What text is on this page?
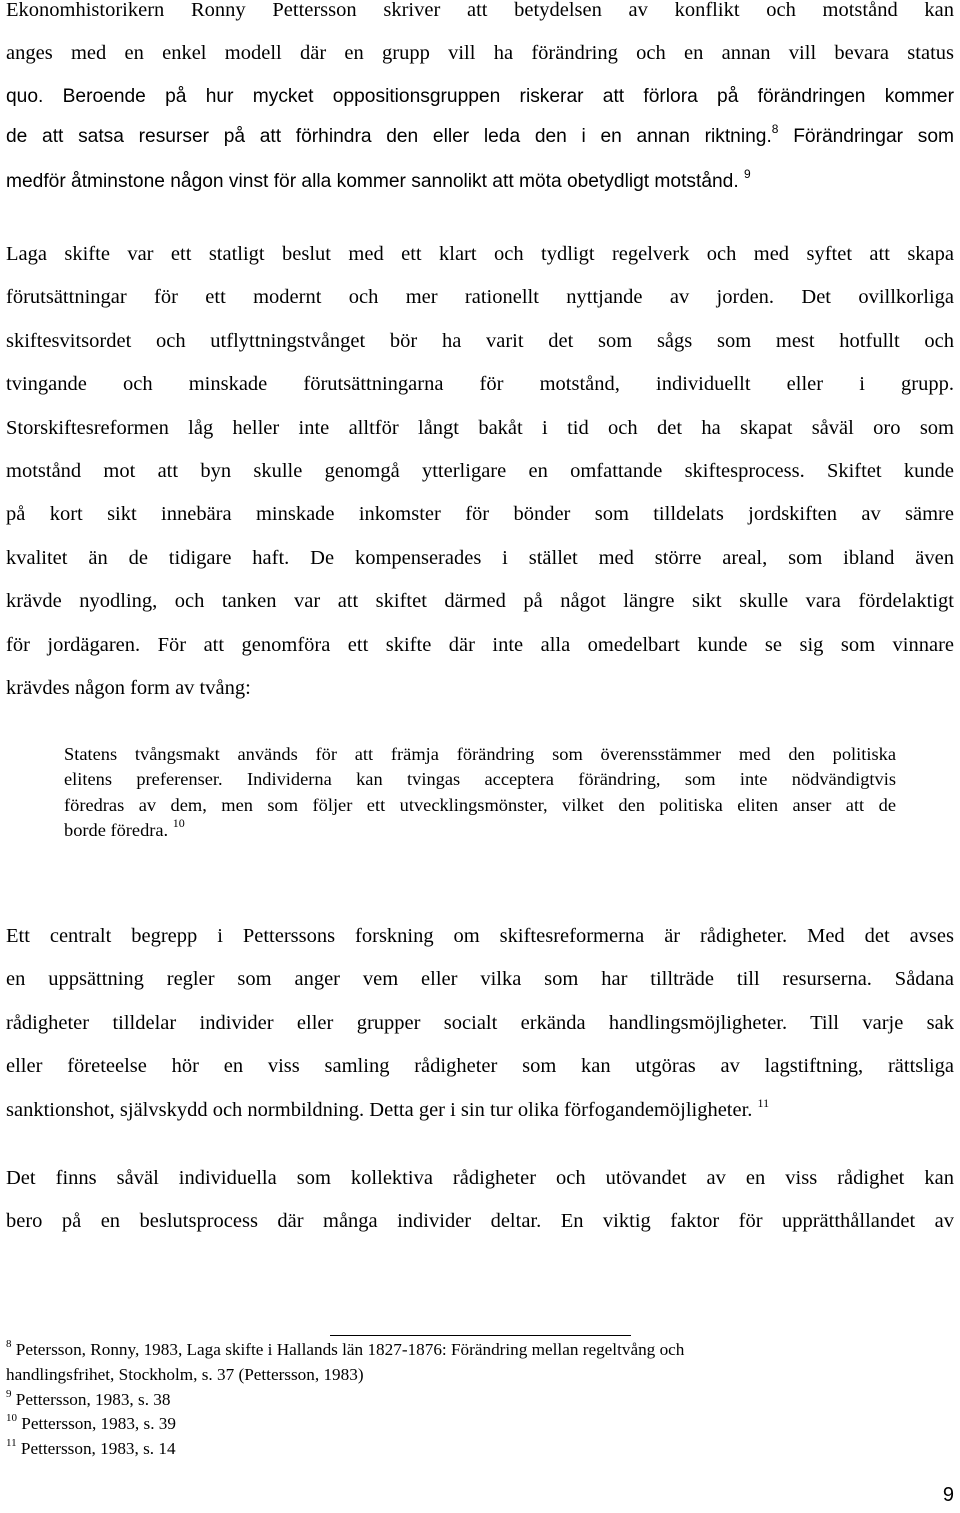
Ekonomhistorikern Ronny Pettersson skriver att betydelsen av konflikt och motstånd kan
anges med en enkel modell där en grupp vill ha förändring och en annan vill bevara status
quo. Beroende på hur mycket oppositionsgruppen riskerar att förlora på förändringen kommer
de att satsa resurser på att förhindra den eller leda den i en annan riktning.$^8$ Förändringar som
medför åtminstone någon vinst för alla kommer sannolikt att möta obetydligt motstånd. $^9$
Laga skifte var ett statligt beslut med ett klart och tydligt regelverk och med syftet att skapa
förutsättningar för ett modernt och mer rationellt nyttjande av jorden. Det ovillkorliga
skiftesvitsordet och utflyttningstvånget bör ha varit det som sågs som mest hotfullt och
tvingande och minskade förutsättningarna för motstånd, individuellt eller i grupp.
Storskiftesreformen låg heller inte alltför långt bakåt i tid och det ha skapat såväl oro som
motstånd mot att byn skulle genomgå ytterligare en omfattande skiftesprocess. Skiftet kunde
på kort sikt innebära minskade inkomster för bönder som tilldelats jordskiften av sämre
kvalitet än de tidigare haft. De kompenserades i stället med större areal, som ibland även
krävde nyodling, och tanken var att skiftet därmed på något längre sikt skulle vara fördelaktigt
för jordägaren. För att genomföra ett skifte där inte alla omedelbart kunde se sig som vinnare
krävdes någon form av tvång:
Statens tvångsmakt används för att främja förändring som överensstämmer med den politiska
elitens preferenser. Individerna kan tvingas acceptera förändring, som inte nödvändigtvis
föredras av dem, men som följer ett utvecklingsmönster, vilket den politiska eliten anser att de
borde föredra. $^{10}$
Ett centralt begrepp i Petterssons forskning om skiftesreformerna är rådigheter. Med det avses
en uppsättning regler som anger vem eller vilka som har tillträde till resurserna. Sådana
rådigheter tilldelar individer eller grupper socialt erkända handlingsmöjligheter. Till varje sak
eller företeelse hör en viss samling rådigheter som kan utgöras av lagstiftning, rättsliga
sanktionshot, självskydd och normbildning. Detta ger i sin tur olika förfogandemöjligheter. $^{11}$
Det finns såväl individuella som kollektiva rådigheter och utövandet av en viss rådighet kan
bero på en beslutsprocess där många individer deltar. En viktig faktor för upprätthållandet av
$^8$ Petersson, Ronny, 1983, Laga skifte i Hallands län 1827-1876: Förändring mellan regeltvång och
handlingsfrihet, Stockholm, s. 37 (Pettersson, 1983)
$^9$ Pettersson, 1983, s. 38
$^{10}$ Pettersson, 1983, s. 39
$^{11}$ Pettersson, 1983, s. 14
9
